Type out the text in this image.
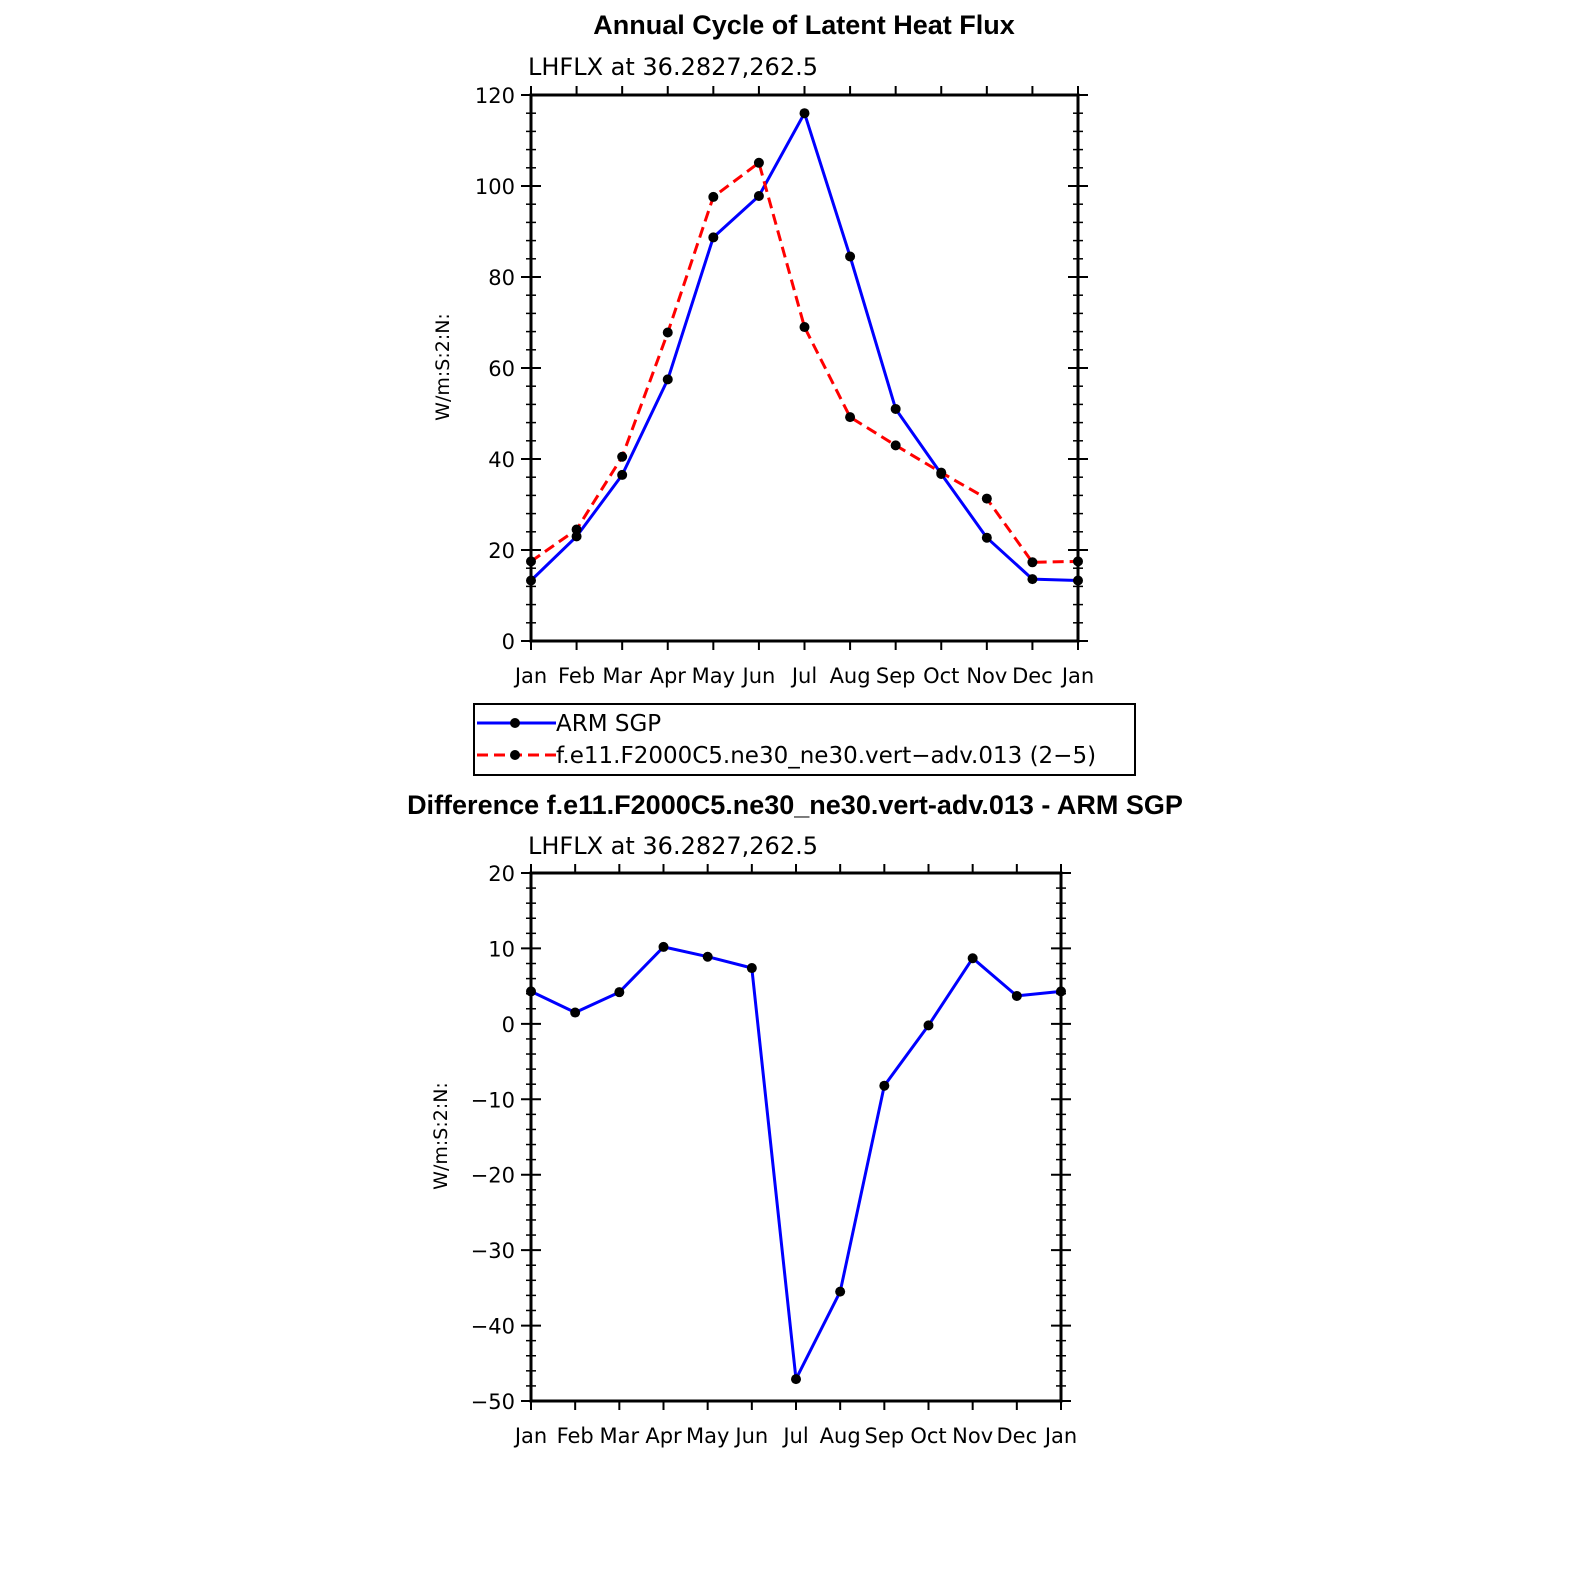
Annual Cycle of Latent Heat Flux
LHFLX at 36.2827,262.5
W/m:S:2:N:
Jan Feb Mar Apr May Jun Jul Aug Sep Oct Nov Dec Jan
0
20
40
60
80
100
120
ARM SGP
f.e11.F2000C5.ne30_ne30.vert−adv.013 (2−5)
Difference f.e11.F2000C5.ne30_ne30.vert-adv.013 - ARM SGP
LHFLX at 36.2827,262.5
W/m:S:2:N:
Jan Feb Mar Apr May Jun Jul Aug Sep Oct Nov Dec Jan
−50
−40
−30
−20
−10
0
10
20
